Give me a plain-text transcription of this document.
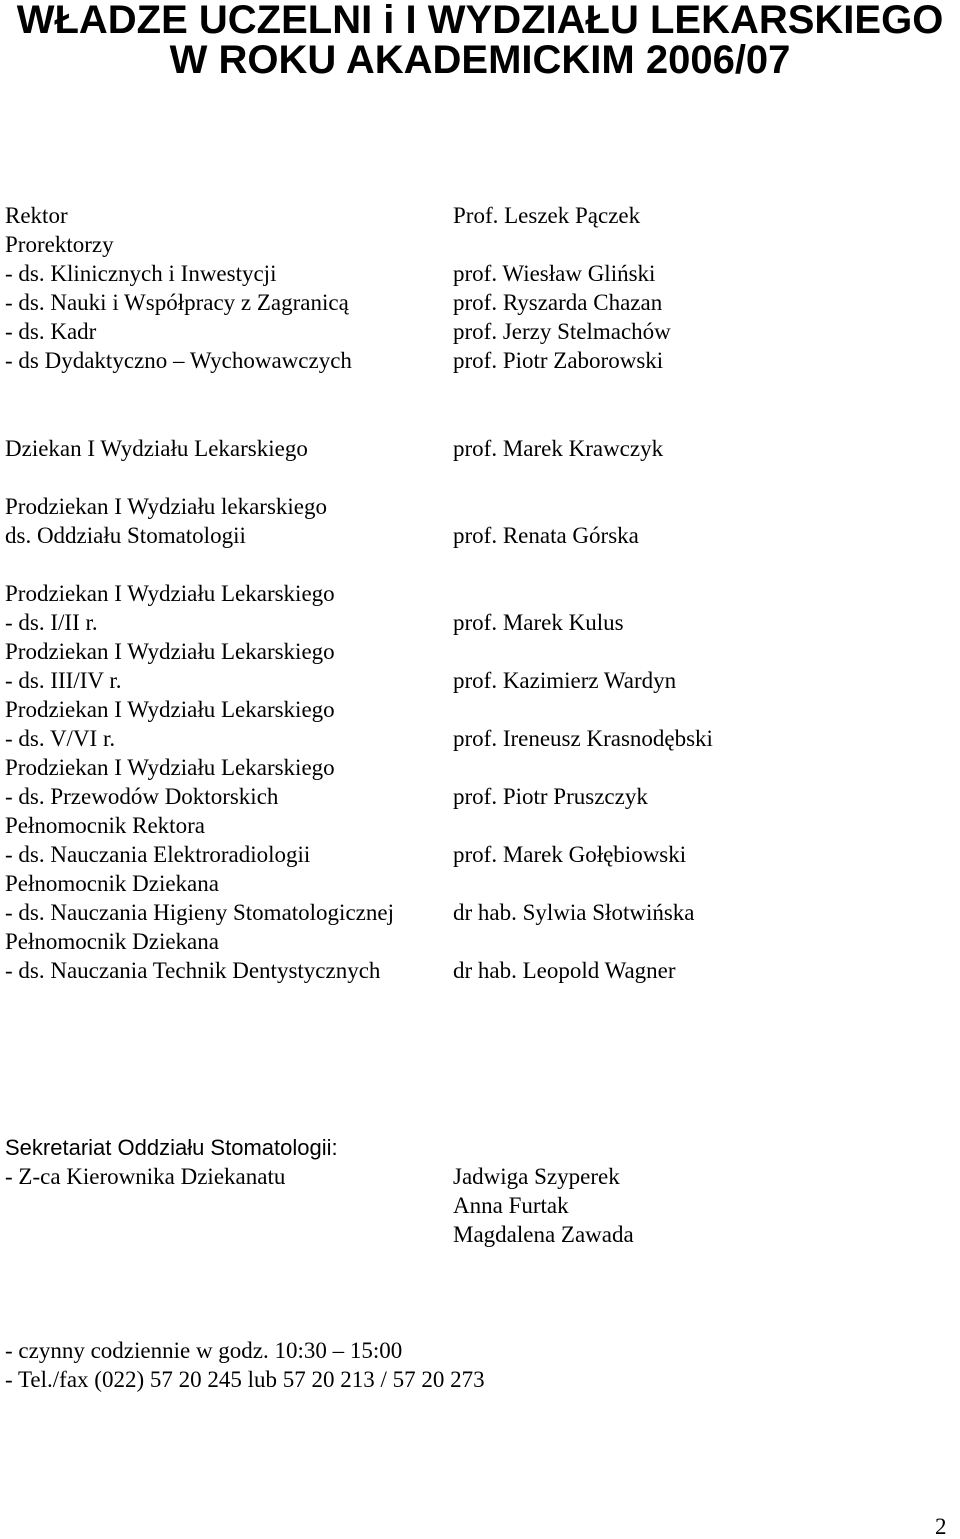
WŁADZE UCZELNI i I WYDZIAŁU LEKARSKIEGO
W ROKU AKADEMICKIM 2006/07
Rektor	Prof. Leszek Pączek
Prorektorzy
- ds. Klinicznych i Inwestycji	prof. Wiesław Gliński
- ds. Nauki i Współpracy z Zagranicą	prof. Ryszarda Chazan
- ds. Kadr	prof. Jerzy Stelmachów
- ds Dydaktyczno – Wychowawczych	prof. Piotr Zaborowski
Dziekan I Wydziału Lekarskiego	prof. Marek Krawczyk
Prodziekan I Wydziału lekarskiego
ds. Oddziału Stomatologii	prof. Renata Górska
Prodziekan I Wydziału Lekarskiego
- ds. I/II r.	prof. Marek Kulus
Prodziekan I Wydziału Lekarskiego
- ds. III/IV r.	prof. Kazimierz Wardyn
Prodziekan I Wydziału Lekarskiego
- ds. V/VI r.	prof. Ireneusz Krasnodębski
Prodziekan I Wydziału Lekarskiego
- ds. Przewodów Doktorskich	prof. Piotr Pruszczyk
Pełnomocnik Rektora
- ds. Nauczania Elektroradiologii	prof. Marek Gołębiowski
Pełnomocnik Dziekana
- ds. Nauczania Higieny Stomatologicznej	dr hab. Sylwia Słotwińska
Pełnomocnik Dziekana
- ds. Nauczania Technik Dentystycznych	dr hab. Leopold Wagner
Sekretariat Oddziału Stomatologii:
- Z-ca Kierownika Dziekanatu	Jadwiga Szyperek
Anna Furtak
Magdalena Zawada
- czynny codziennie w godz. 10:30 – 15:00
- Tel./fax (022) 57 20 245 lub 57 20 213 / 57 20 273
2
